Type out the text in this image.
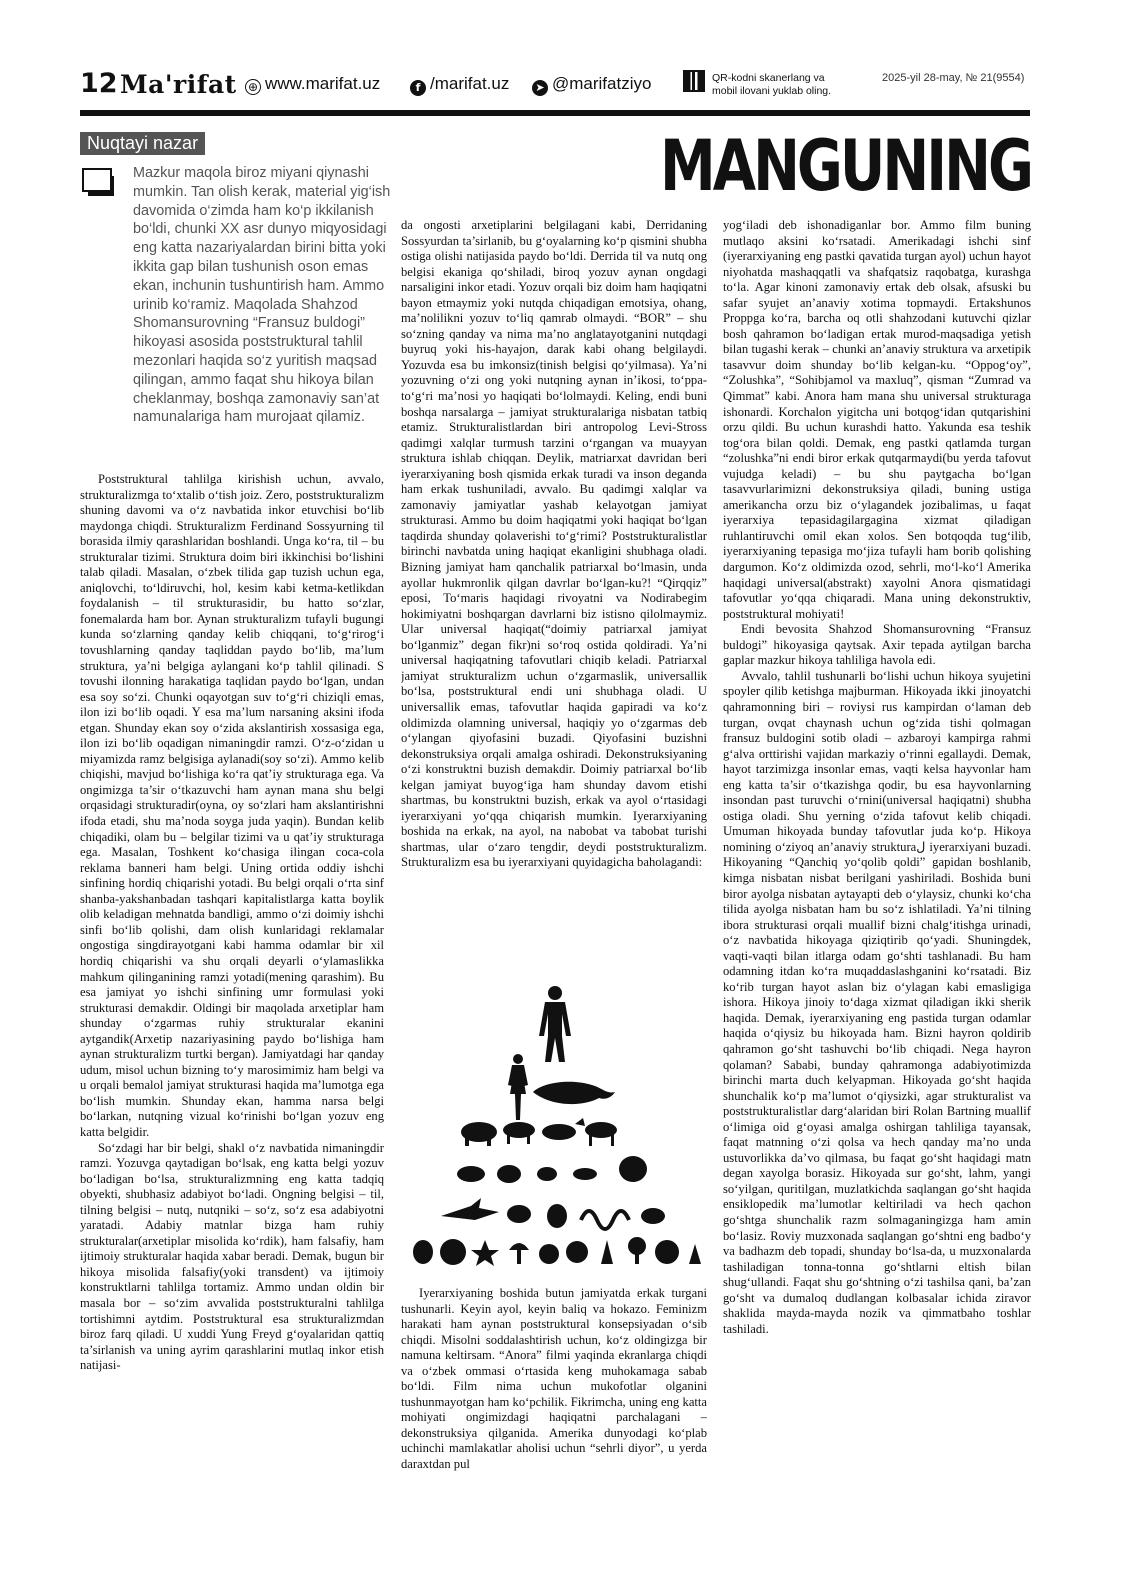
12 Ma'rifat ⊕ www.marifat.uz	f /marifat.uz	➤ @marifatziyo	QR-kodni skanerlang va
mobil ilovani yuklab oling.
2025-yil 28-may, № 21(9554)
Nuqtayi nazar	MANGUNING

Mazkur maqola biroz miyani qiynashi mumkin. Tan olish kerak, material yig‘ish davomida o‘zimda ham ko‘p ikkilanish bo‘ldi, chunki XX asr dunyo miqyosidagi eng katta nazariyalardan birini bitta yoki ikkita gap bilan tushunish oson emas ekan, inchunin tushuntirish ham. Ammo urinib ko‘ramiz. Maqolada Shahzod Shomansurovning “Fransuz buldogi” hikoyasi asosida poststruktural tahlil mezonlari haqida so‘z yuritish maqsad qilingan, ammo faqat shu hikoya bilan cheklanmay, boshqa zamonaviy san’at namunalariga ham murojaat qilamiz.

Poststruktural tahlilga kirishish uchun, avvalo, strukturalizmga to‘xtalib o‘tish joiz. Zero, poststrukturalizm shuning davomi va o‘z navbatida inkor etuvchisi bo‘lib maydonga chiqdi. Strukturalizm Ferdinand Sossyurning til borasida ilmiy qarashlaridan boshlandi. Unga ko‘ra, til – bu strukturalar tizimi. Struktura doim biri ikkinchisi bo‘lishini talab qiladi. Masalan, o‘zbek tilida gap tuzish uchun ega, aniqlovchi, to‘ldiruvchi, hol, kesim kabi ketma-ketlikdan foydalanish – til strukturasidir, bu hatto so‘zlar, fonemalarda ham bor. Aynan strukturalizm tufayli bugungi kunda so‘zlarning qanday kelib chiqqani, to‘g‘rirog‘i tovushlarning qanday taqliddan paydo bo‘lib, ma’lum struktura, ya’ni belgiga aylangani ko‘p tahlil qilinadi. S tovushi ilonning harakatiga taqlidan paydo bo‘lgan, undan esa soy so‘zi. Chunki oqayotgan suv to‘g‘ri chiziqli emas, ilon izi bo‘lib oqadi. Y esa ma’lum narsaning aksini ifoda etgan. Shunday ekan soy o‘zida akslantirish xossasiga ega, ilon izi bo‘lib oqadigan nimaningdir ramzi. O‘z-o‘zidan u miyamizda ramz belgisiga aylanadi(soy so‘zi). Ammo kelib chiqishi, mavjud bo‘lishiga ko‘ra qat’iy strukturaga ega. Va ongimizga ta’sir o‘tkazuvchi ham aynan mana shu belgi orqasidagi strukturadir(oyna, oy so‘zlari ham akslantirishni ifoda etadi, shu ma’noda soyga juda yaqin). Bundan kelib chiqadiki, olam bu – belgilar tizimi va u qat’iy strukturaga ega. Masalan, Toshkent ko‘chasiga ilingan coca-cola reklama banneri ham belgi. Uning ortida oddiy ishchi sinfining hordiq chiqarishi yotadi. Bu belgi orqali o‘rta sinf shanba-yakshanbadan tashqari kapitalistlarga katta boylik olib keladigan mehnatda bandligi, ammo o‘zi doimiy ishchi sinfi bo‘lib qolishi, dam olish kunlaridagi reklamalar ongostiga singdirayotgani kabi hamma odamlar bir xil hordiq chiqarishi va shu orqali deyarli o‘ylamaslikka mahkum qilinganining ramzi yotadi(mening qarashim). Bu esa jamiyat yo ishchi sinfining umr formulasi yoki strukturasi demakdir. Oldingi bir maqolada arxetiplar ham shunday o‘zgarmas ruhiy strukturalar ekanini aytgandik(Arxetip nazariyasining paydo bo‘lishiga ham aynan strukturalizm turtki bergan). Jamiyatdagi har qanday udum, misol uchun bizning to‘y marosimimiz ham belgi va u orqali bemalol jamiyat strukturasi haqida ma’lumotga ega bo‘lish mumkin. Shunday ekan, hamma narsa belgi bo‘larkan, nutqning vizual ko‘rinishi bo‘lgan yozuv eng katta belgidir.

So‘zdagi har bir belgi, shakl o‘z navbatida nimaningdir ramzi. Yozuvga qaytadigan bo‘lsak, eng katta belgi yozuv bo‘ladigan bo‘lsa, strukturalizmning eng katta tadqiq obyekti, shubhasiz adabiyot bo‘ladi. Ongning belgisi – til, tilning belgisi – nutq, nutqniki – so‘z, so‘z esa adabiyotni yaratadi. Adabiy matnlar bizga ham ruhiy strukturalar(arxetiplar misolida ko‘rdik), ham falsafiy, ham ijtimoiy strukturalar haqida xabar beradi. Demak, bugun bir hikoya misolida falsafiy(yoki transdent) va ijtimoiy konstruktlarni tahlilga tortamiz. Ammo undan oldin bir masala bor – so‘zim avvalida poststrukturalni tahlilga tortishimni aytdim. Poststruktural esa strukturalizmdan biroz farq qiladi. U xuddi Yung Freyd g‘oyalaridan qattiq ta’sirlanish va uning ayrim qarashlarini mutlaq inkor etish natijasi-

da ongosti arxetiplarini belgilagani kabi, Derridaning Sossyurdan ta’sirlanib, bu g‘oyalarning ko‘p qismini shubha ostiga olishi natijasida paydo bo‘ldi. Derrida til va nutq ong belgisi ekaniga qo‘shiladi, biroq yozuv aynan ongdagi narsaligini inkor etadi. Yozuv orqali biz doim ham haqiqatni bayon etmaymiz yoki nutqda chiqadigan emotsiya, ohang, ma’nolilikni yozuv to‘liq qamrab olmaydi. “BOR” – shu so‘zning qanday va nima ma’no anglatayotganini nutqdagi buyruq yoki his-hayajon, darak kabi ohang belgilaydi. Yozuvda esa bu imkonsiz(tinish belgisi qo‘yilmasa). Ya’ni yozuvning o‘zi ong yoki nutqning aynan in’ikosi, to‘ppa-to‘g‘ri ma’nosi yo haqiqati bo‘lolmaydi. Keling, endi buni boshqa narsalarga – jamiyat strukturalariga nisbatan tatbiq etamiz. Strukturalistlardan biri antropolog Levi-Stross qadimgi xalqlar turmush tarzini o‘rgangan va muayyan struktura ishlab chiqqan. Deylik, matriarxat davridan beri iyerarxiyaning bosh qismida erkak turadi va inson deganda ham erkak tushuniladi, avvalo. Bu qadimgi xalqlar va zamonaviy jamiyatlar yashab kelayotgan jamiyat strukturasi. Ammo bu doim haqiqatmi yoki haqiqat bo‘lgan taqdirda shunday qolaverishi to‘g‘rimi? Poststrukturalistlar birinchi navbatda uning haqiqat ekanligini shubhaga oladi. Bizning jamiyat ham qanchalik patriarxal bo‘lmasin, unda ayollar hukmronlik qilgan davrlar bo‘lgan-ku?! “Qirqqiz” eposi, To‘maris haqidagi rivoyatni va Nodirabegim hokimiyatni boshqargan davrlarni biz istisno qilolmaymiz. Ular universal haqiqat(“doimiy patriarxal jamiyat bo‘lganmiz” degan fikr)ni so‘roq ostida qoldiradi. Ya’ni universal haqiqatning tafovutlari chiqib keladi. Patriarxal jamiyat strukturalizm uchun o‘zgarmaslik, universallik bo‘lsa, poststruktural endi uni shubhaga oladi. U universallik emas, tafovutlar haqida gapiradi va ko‘z oldimizda olamning universal, haqiqiy yo o‘zgarmas deb o‘ylangan qiyofasini buzadi. Qiyofasini buzishni dekonstruksiya orqali amalga oshiradi. Dekonstruksiyaning o‘zi konstruktni buzish demakdir. Doimiy patriarxal bo‘lib kelgan jamiyat buyog‘iga ham shunday davom etishi shartmas, bu konstruktni buzish, erkak va ayol o‘rtasidagi iyerarxiyani yo‘qqa chiqarish mumkin. Iyerarxiyaning boshida na erkak, na ayol, na nabobat va tabobat turishi shartmas, ular o‘zaro tengdir, deydi poststrukturalizm. Strukturalizm esa bu iyerarxiyani quyidagicha baholagandi:

Iyerarxiyaning boshida butun jamiyatda erkak turgani tushunarli. Keyin ayol, keyin baliq va hokazo. Feminizm harakati ham aynan poststruktural konsepsiyadan o‘sib chiqdi. Misolni soddalashtirish uchun, ko‘z oldingizga bir namuna keltirsam. “Anora” filmi yaqinda ekranlarga chiqdi va o‘zbek ommasi o‘rtasida keng muhokamaga sabab bo‘ldi. Film nima uchun mukofotlar olganini tushunmayotgan ham ko‘pchilik. Fikrimcha, uning eng katta mohiyati ongimizdagi haqiqatni parchalagani – dekonstruksiya qilganida. Amerika dunyodagi ko‘plab uchinchi mamlakatlar aholisi uchun “sehrli diyor”, u yerda daraxtdan pul

yog‘iladi deb ishonadiganlar bor. Ammo film buning mutlaqo aksini ko‘rsatadi. Amerikadagi ishchi sinf (iyerarxiyaning eng pastki qavatida turgan ayol) uchun hayot niyohatda mashaqqatli va shafqatsiz raqobatga, kurashga to‘la. Agar kinoni zamonaviy ertak deb olsak, afsuski bu safar syujet an’anaviy xotima topmaydi. Ertakshunos Proppga ko‘ra, barcha oq otli shahzodani kutuvchi qizlar bosh qahramon bo‘ladigan ertak murod-maqsadiga yetish bilan tugashi kerak – chunki an’anaviy struktura va arxetipik tasavvur doim shunday bo‘lib kelgan-ku. “Oppog‘oy”, “Zolushka”, “Sohibjamol va maxluq”, qisman “Zumrad va Qimmat” kabi. Anora ham mana shu universal strukturaga ishonardi. Korchalon yigitcha uni botqog‘idan qutqarishini orzu qildi. Bu uchun kurashdi hatto. Yakunda esa teshik tog‘ora bilan qoldi. Demak, eng pastki qatlamda turgan “zolushka”ni endi biror erkak qutqarmaydi(bu yerda tafovut vujudga keladi) – bu shu paytgacha bo‘lgan tasavvurlarimizni dekonstruksiya qiladi, buning ustiga amerikancha orzu biz o‘ylagandek jozibalimas, u faqat iyerarxiya tepasidagilargagina xizmat qiladigan ruhlantiruvchi omil ekan xolos. Sen botqoqda tug‘ilib, iyerarxiyaning tepasiga mo‘jiza tufayli ham borib qolishing dargumon. Ko‘z oldimizda ozod, sehrli, mo‘l-ko‘l Amerika haqidagi universal(abstrakt) xayolni Anora qismatidagi tafovutlar yo‘qqa chiqaradi. Mana uning dekonstruktiv, poststruktural mohiyati!

Endi bevosita Shahzod Shomansurovning “Fransuz buldogi” hikoyasiga qaytsak. Axir tepada aytilgan barcha gaplar mazkur hikoya tahliliga havola edi.

Avvalo, tahlil tushunarli bo‘lishi uchun hikoya syujetini spoyler qilib ketishga majburman. Hikoyada ikki jinoyatchi qahramonning biri – roviysi rus kampirdan o‘laman deb turgan, ovqat chaynash uchun og‘zida tishi qolmagan fransuz buldogini sotib oladi – azbaroyi kampirga rahmi g‘alva orttirishi vajidan markaziy o‘rinni egallaydi. Demak, hayot tarzimizga insonlar emas, vaqti kelsa hayvonlar ham eng katta ta’sir o‘tkazishga qodir, bu esa hayvonlarning insondan past turuvchi o‘rnini(universal haqiqatni) shubha ostiga oladi. Shu yerning o‘zida tafovut kelib chiqadi. Umuman hikoyada bunday tafovutlar juda ko‘p. Hikoya nomining o‘ziyoq an’anaviy strukturaل iyerarxiyani buzadi. Hikoyaning “Qanchiq yo‘qolib qoldi” gapidan boshlanib, kimga nisbatan nisbat berilgani yashiriladi. Boshida buni biror ayolga nisbatan aytayapti deb o‘ylaysiz, chunki ko‘cha tilida ayolga nisbatan ham bu so‘z ishlatiladi. Ya’ni tilning ibora strukturasi orqali muallif bizni chalg‘itishga urinadi, o‘z navbatida hikoyaga qiziqtirib qo‘yadi. Shuningdek, vaqti-vaqti bilan itlarga odam go‘shti tashlanadi. Bu ham odamning itdan ko‘ra muqaddaslashganini ko‘rsatadi. Biz ko‘rib turgan hayot aslan biz o‘ylagan kabi emasligiga ishora. Hikoya jinoiy to‘daga xizmat qiladigan ikki sherik haqida. Demak, iyerarxiyaning eng pastida turgan odamlar haqida o‘qiysiz bu hikoyada ham. Bizni hayron qoldirib qahramon go‘sht tashuvchi bo‘lib chiqadi. Nega hayron qolaman? Sababi, bunday qahramonga adabiyotimizda birinchi marta duch kelyapman. Hikoyada go‘sht haqida shunchalik ko‘p ma’lumot o‘qiysizki, agar strukturalist va poststrukturalistlar darg‘alaridan biri Rolan Bartning muallif o‘limiga oid g‘oyasi amalga oshirgan tahliliga tayansak, faqat matnning o‘zi qolsa va hech qanday ma’no unda ustuvorlikka da’vo qilmasa, bu faqat go‘sht haqidagi matn degan xayolga borasiz. Hikoyada sur go‘sht, lahm, yangi so‘yilgan, quritilgan, muzlatkichda saqlangan go‘sht haqida ensiklopedik ma’lumotlar keltiriladi va hech qachon go‘shtga shunchalik razm solmaganingizga ham amin bo‘lasiz. Roviy muzxonada saqlangan go‘shtni eng badbo‘y va badhazm deb topadi, shunday bo‘lsa-da, u muzxonalarda tashiladigan tonna-tonna go‘shtlarni eltish bilan shug‘ullandi. Faqat shu go‘shtning o‘zi tashilsa qani, ba’zan go‘sht va dumaloq dudlangan kolbasalar ichida ziravor shaklida mayda-mayda nozik va qimmatbaho toshlar tashiladi.
